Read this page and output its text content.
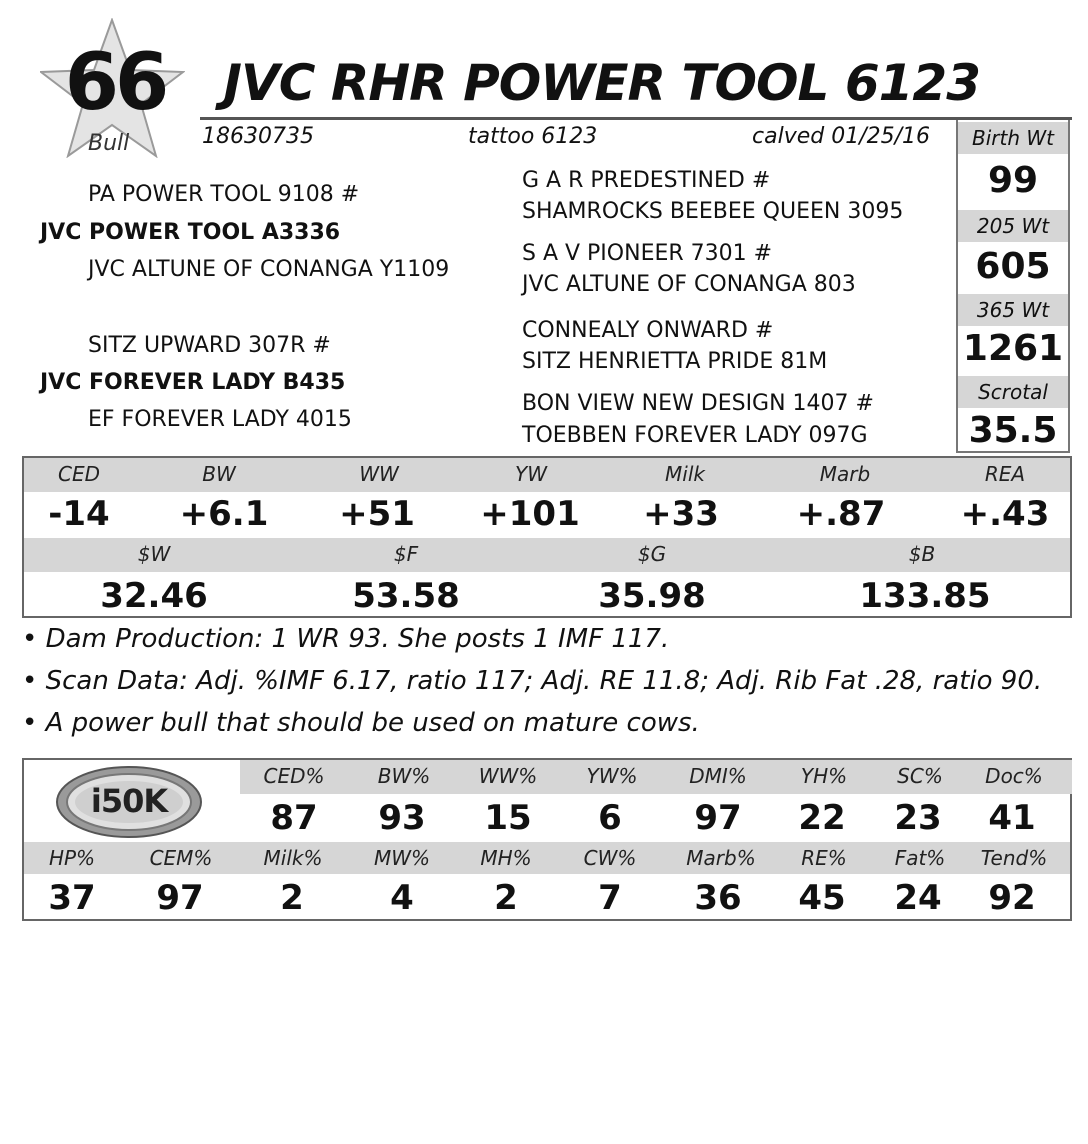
66
Bull
JVC RHR POWER TOOL 6123
18630735	tattoo 6123	calved 01/25/16
PA POWER TOOL 9108 #
JVC POWER TOOL A3336
JVC ALTUNE OF CONANGA Y1109
SITZ UPWARD 307R #
JVC FOREVER LADY B435
EF FOREVER LADY 4015
G A R PREDESTINED #
SHAMROCKS BEEBEE QUEEN 3095
S A V PIONEER 7301 #
JVC ALTUNE OF CONANGA 803
CONNEALY ONWARD #
SITZ HENRIETTA PRIDE 81M
BON VIEW NEW DESIGN 1407 #
TOEBBEN FOREVER LADY 097G
Birth Wt
99
205 Wt
605
365 Wt
1261
Scrotal
35.5
CED	BW	WW	YW	Milk	Marb	REA
-14	+6.1	+51	+101	+33	+.87	+.43
$W	$F	$G	$B
32.46	53.58	35.98	133.85
• Dam Production: 1 WR 93. She posts 1 IMF 117.
• Scan Data: Adj. %IMF 6.17, ratio 117; Adj. RE 11.8; Adj. Rib Fat .28, ratio 90.
• A power bull that should be used on mature cows.
i50K
CED%	BW%	WW%	YW%	DMI%	YH%	SC%	Doc%
87	93	15	6	97	22	23	41
HP%	CEM%	Milk%	MW%	MH%	CW%	Marb%	RE%	Fat%	Tend%
37	97	2	4	2	7	36	45	24	92
